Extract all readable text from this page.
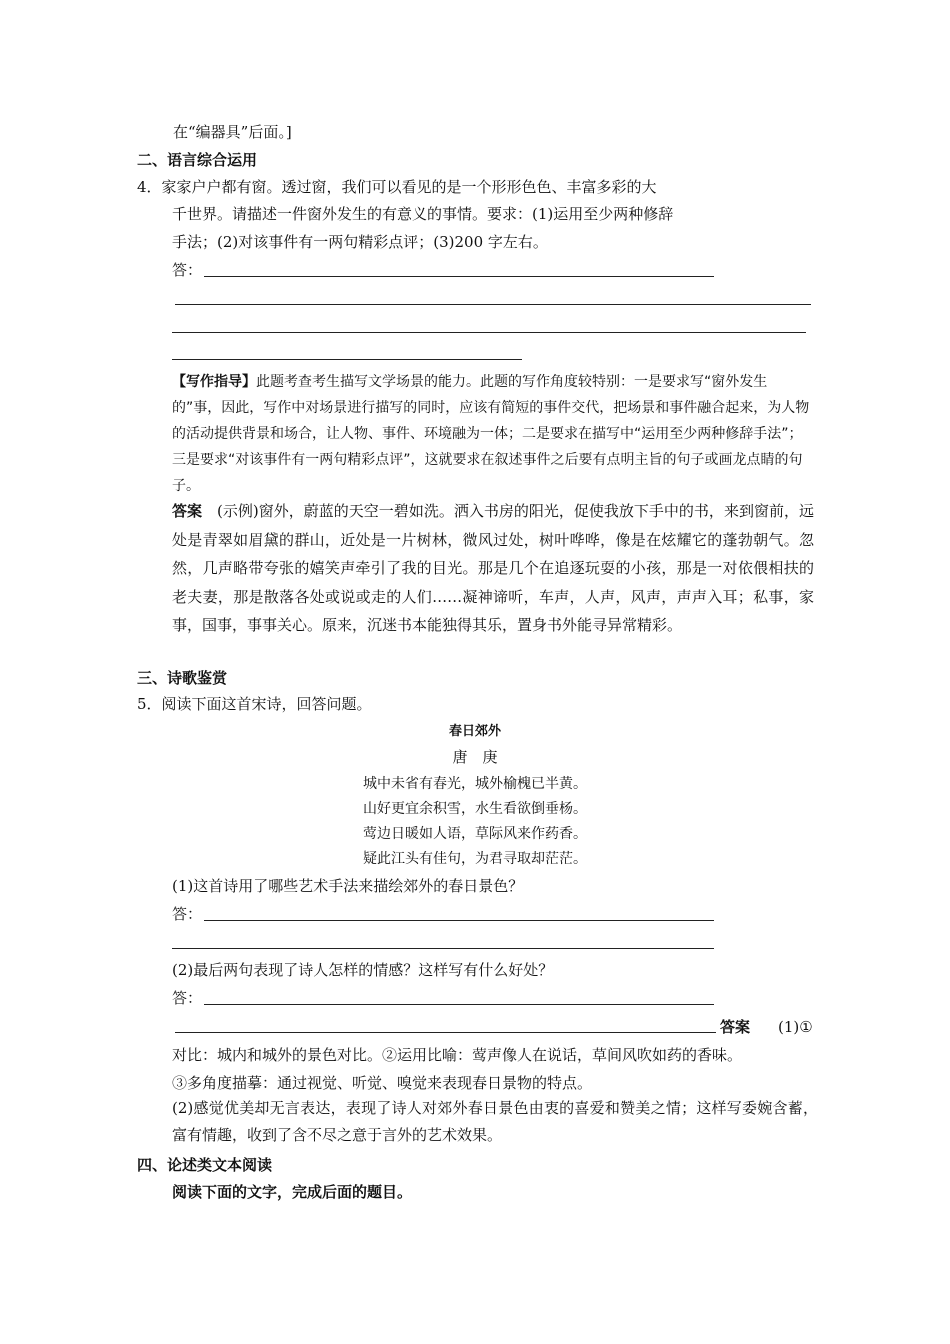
在“编器具”后面。]
二、语言综合运用
4．家家户户都有窗。透过窗，我们可以看见的是一个形形色色、丰富多彩的大
千世界。请描述一件窗外发生的有意义的事情。要求：(1)运用至少两种修辞
手法；(2)对该事件有一两句精彩点评；(3)200 字左右。
答：
【写作指导】此题考查考生描写文学场景的能力。此题的写作角度较特别：一是要求写“窗外发生的”事，因此，写作中对场景进行描写的同时，应该有简短的事件交代，把场景和事件融合起来，为人物的活动提供背景和场合，让人物、事件、环境融为一体；二是要求在描写中“运用至少两种修辞手法”；三是要求“对该事件有一两句精彩点评”，这就要求在叙述事件之后要有点明主旨的句子或画龙点睛的句子。
答案　 (示例)窗外，蔚蓝的天空一碧如洗。洒入书房的阳光，促使我放下手中的书，来到窗前，远处是青翠如眉黛的群山，近处是一片树林，微风过处，树叶哗哗，像是在炫耀它的蓬勃朝气。忽然，几声略带夸张的嬉笑声牵引了我的目光。那是几个在追逐玩耍的小孩，那是一对依偎相扶的老夫妻，那是散落各处或说或走的人们……凝神谛听，车声，人声，风声，声声入耳；私事，家事，国事，事事关心。原来，沉迷书本能独得其乐，置身书外能寻异常精彩。
三、诗歌鉴赏
5．阅读下面这首宋诗，回答问题。
春日郊外
唐　庚
城中未省有春光，城外榆槐已半黄。
山好更宜余积雪，水生看欲倒垂杨。
莺边日暖如人语，草际风来作药香。
疑此江头有佳句，为君寻取却茫茫。
(1)这首诗用了哪些艺术手法来描绘郊外的春日景色？
答：
(2)最后两句表现了诗人怎样的情感？这样写有什么好处？
答：
答案 (1)①
对比：城内和城外的景色对比。②运用比喻：莺声像人在说话，草间风吹如药的香味。
③多角度描摹：通过视觉、听觉、嗅觉来表现春日景物的特点。
(2)感觉优美却无言表达，表现了诗人对郊外春日景色由衷的喜爱和赞美之情；这样写委婉含蓄，富有情趣，收到了含不尽之意于言外的艺术效果。
四、论述类文本阅读
阅读下面的文字，完成后面的题目。
